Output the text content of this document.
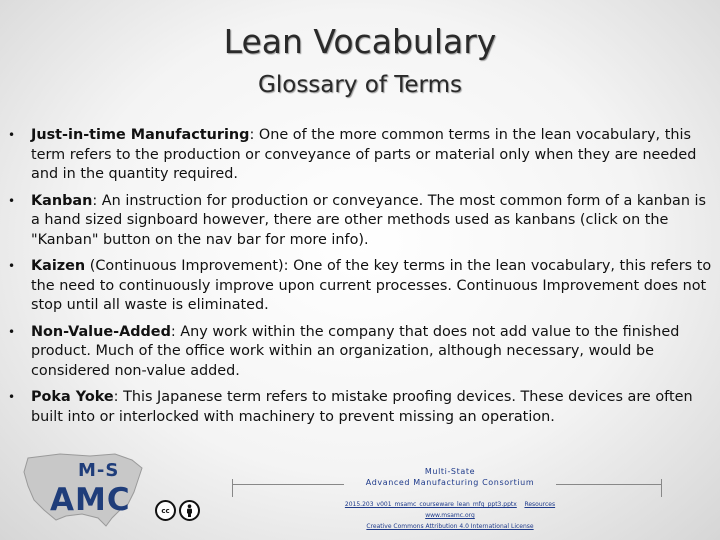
Lean Vocabulary
Glossary of Terms
• Just-in-time Manufacturing: One of the more common terms in the lean vocabulary, this term refers to the production or conveyance of parts or material only when they are needed and in the quantity required.
• Kanban: An instruction for production or conveyance. The most common form of a kanban is a hand sized signboard however, there are other methods used as kanbans (click on the "Kanban" button on the nav bar for more info).
• Kaizen (Continuous Improvement): One of the key terms in the lean vocabulary, this refers to the need to continuously improve upon current processes. Continuous Improvement does not stop until all waste is eliminated.
• Non-Value-Added: Any work within the company that does not add value to the finished product. Much of the office work within an organization, although necessary, would be considered non-value added.
• Poka Yoke: This Japanese term refers to mistake proofing devices. These devices are often built into or interlocked with machinery to prevent missing an operation.
M-S
AMC	cc
Multi-State
Advanced Manufacturing Consortium
2015.203_v001_msamc_courseware_lean_mfg_ppt3.pptx Resources
www.msamc.org
Creative Commons Attribution 4.0 International License
